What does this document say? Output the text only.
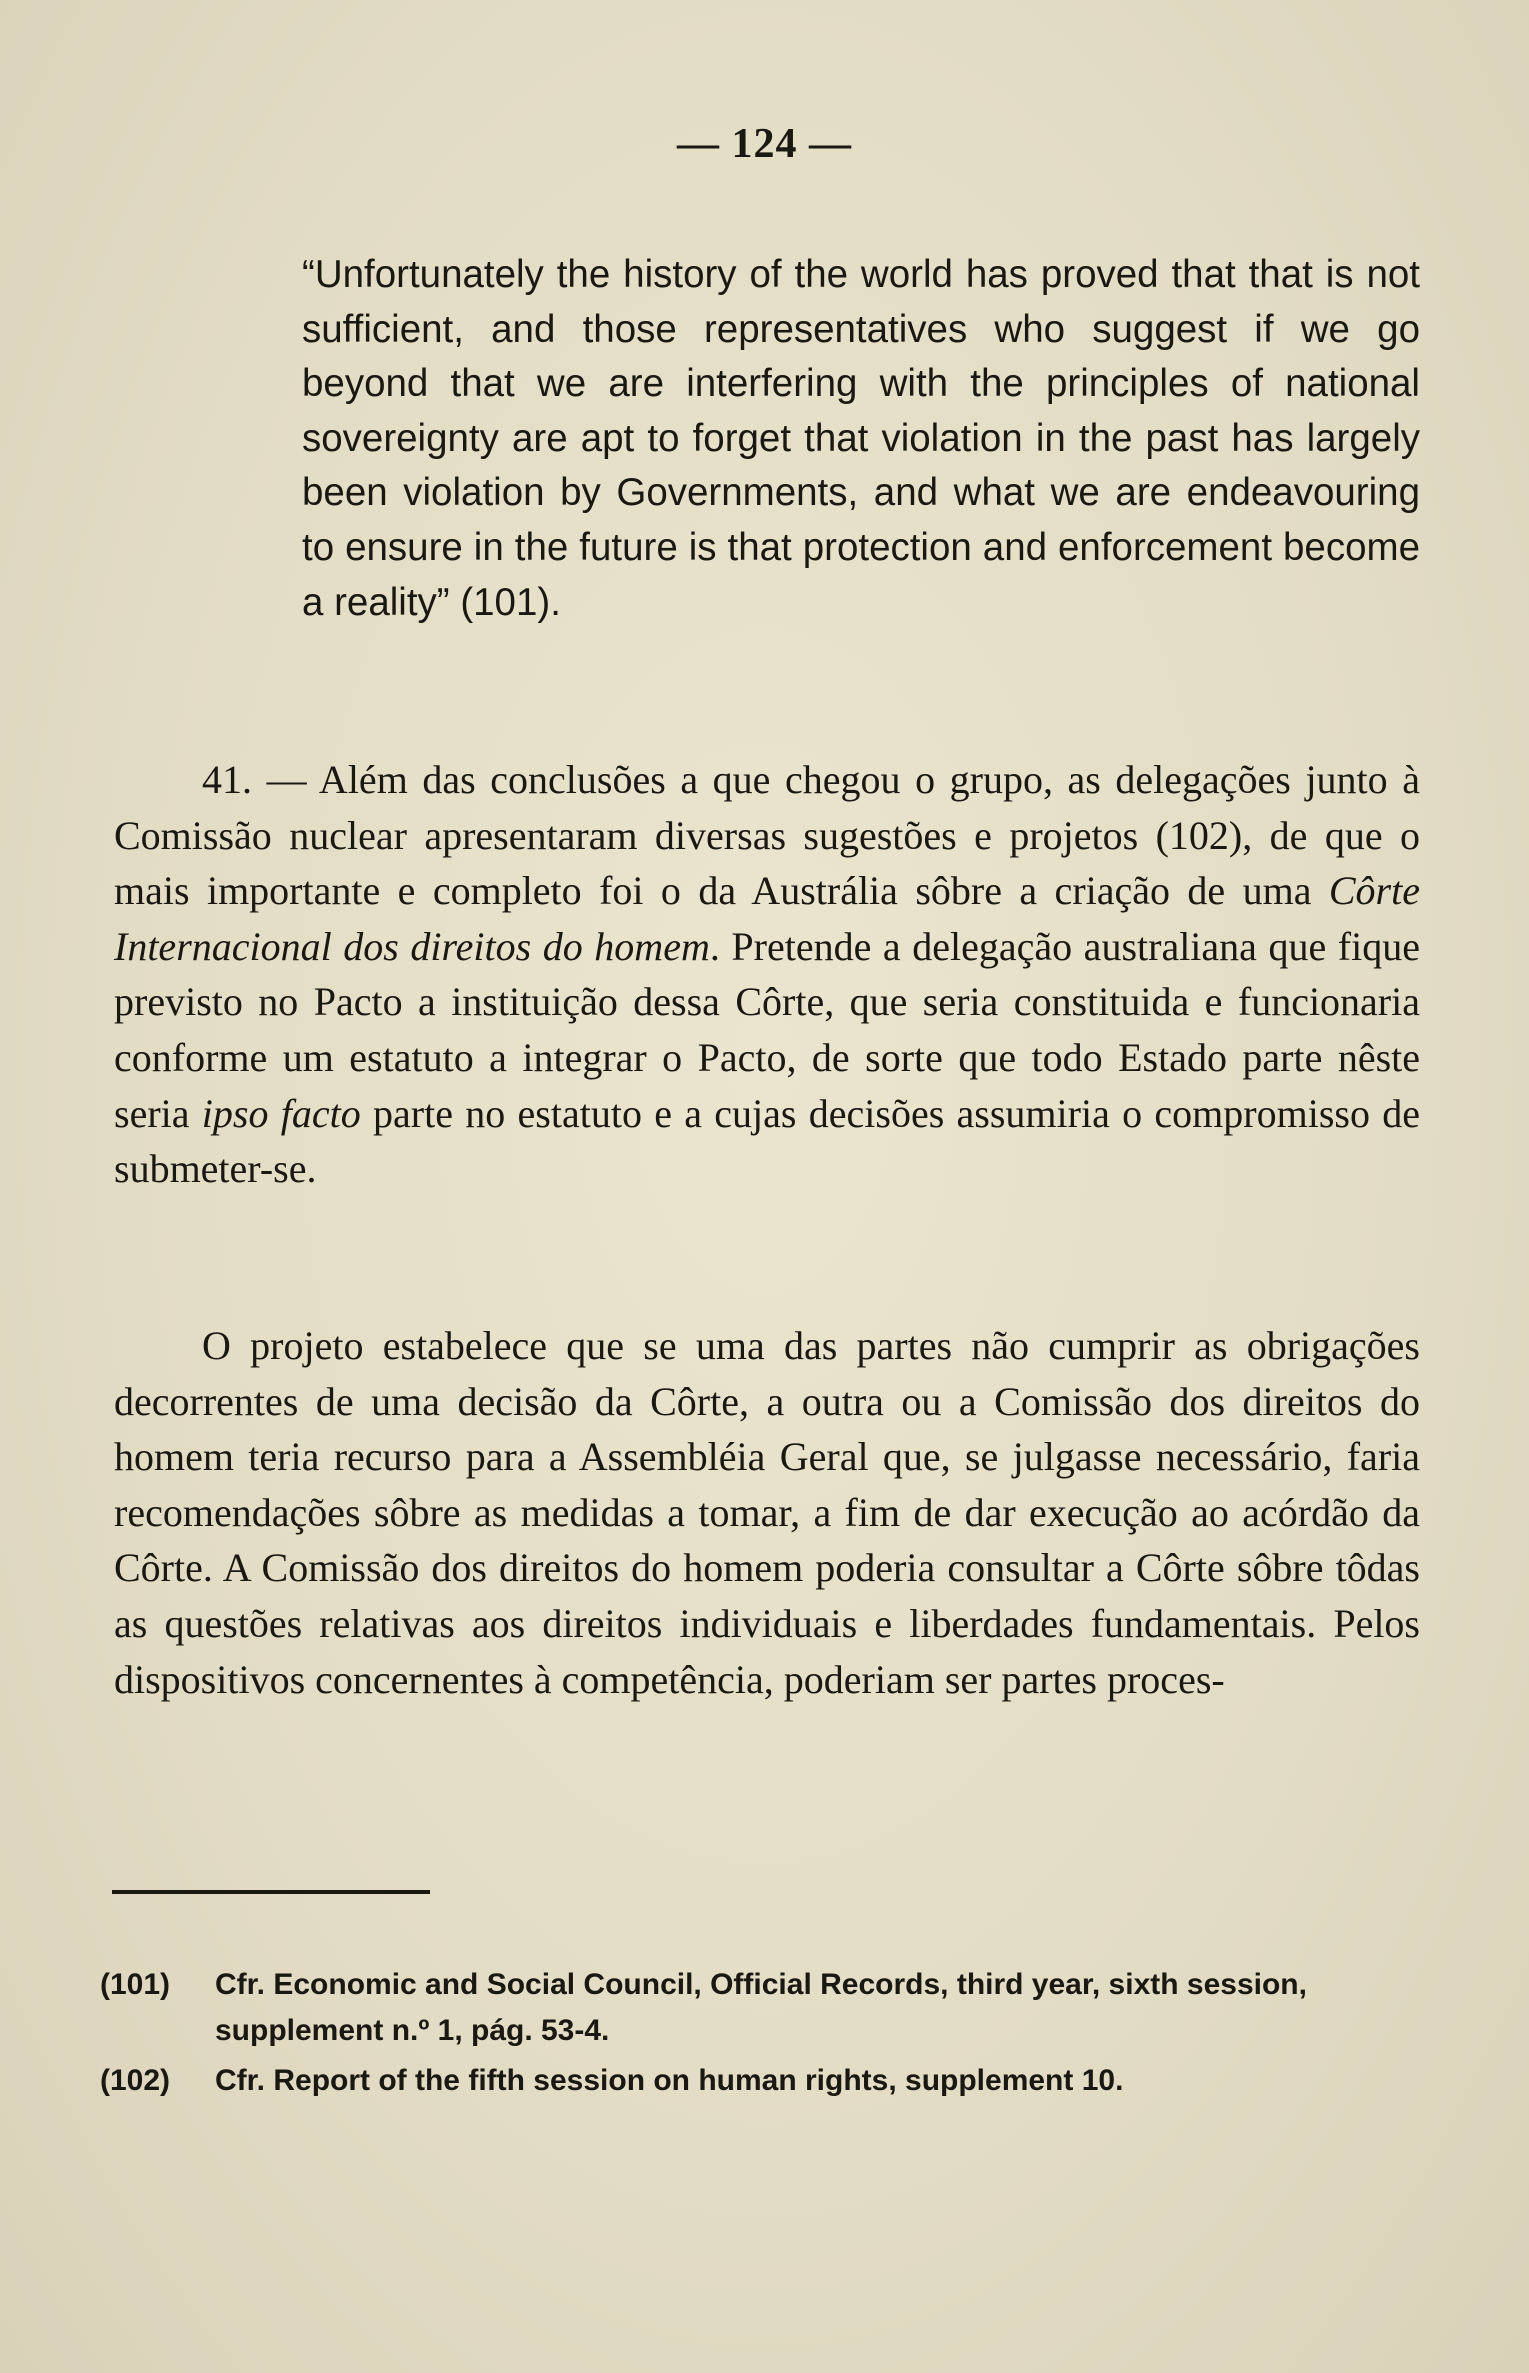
— 124 —
“Unfortunately the history of the world has proved that that is not sufficient, and those representatives who suggest if we go beyond that we are interfering with the principles of national sovereignty are apt to forget that violation in the past has largely been violation by Governments, and what we are endeavouring to ensure in the future is that protection and enforcement become a reality” (101).
41. — Além das conclusões a que chegou o grupo, as delegações junto à Comissão nuclear apresentaram diversas sugestões e projetos (102), de que o mais importante e completo foi o da Austrália sôbre a criação de uma Côrte Internacional dos direitos do homem. Pretende a delegação australiana que fique previsto no Pacto a instituição dessa Côrte, que seria constituida e funcionaria conforme um estatuto a integrar o Pacto, de sorte que todo Estado parte nêste seria ipso facto parte no estatuto e a cujas decisões assumiria o compromisso de submeter-se.
O projeto estabelece que se uma das partes não cumprir as obrigações decorrentes de uma decisão da Côrte, a outra ou a Comissão dos direitos do homem teria recurso para a Assembléia Geral que, se julgasse necessário, faria recomendações sôbre as medidas a tomar, a fim de dar execução ao acórdão da Côrte. A Comissão dos direitos do homem poderia consultar a Côrte sôbre tôdas as questões relativas aos direitos individuais e liberdades fundamentais. Pelos dispositivos concernentes à competência, poderiam ser partes proces-
(101) Cfr. Economic and Social Council, Official Records, third year, sixth session, supplement n.º 1, pág. 53-4.
(102) Cfr. Report of the fifth session on human rights, supplement 10.
